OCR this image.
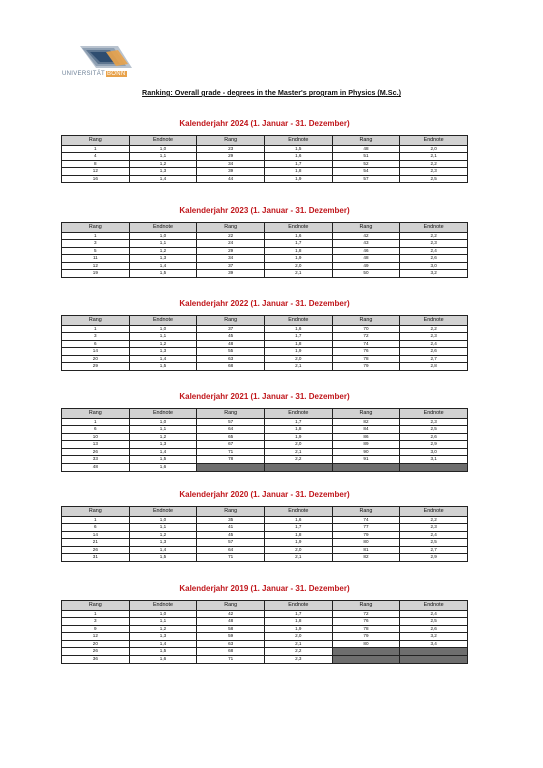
UNIVERSITÄT BONN
Ranking: Overall grade - degrees in the Master's program in Physics (M.Sc.)
Kalenderjahr 2024 (1. Januar - 31. Dezember)
Rang	Endnote	Rang	Endnote	Rang	Endnote
1	1,0	23	1,5	48	2,0
4	1,1	29	1,6	51	2,1
8	1,2	34	1,7	52	2,2
12	1,3	39	1,8	54	2,3
16	1,4	44	1,9	57	2,5
Kalenderjahr 2023 (1. Januar - 31. Dezember)
Rang	Endnote	Rang	Endnote	Rang	Endnote
1	1,0	22	1,6	42	2,2
3	1,1	24	1,7	43	2,3
5	1,2	29	1,8	46	2,4
11	1,3	34	1,9	48	2,6
12	1,4	37	2,0	49	3,0
19	1,5	39	2,1	50	3,2
Kalenderjahr 2022 (1. Januar - 31. Dezember)
Rang	Endnote	Rang	Endnote	Rang	Endnote
1	1,0	37	1,6	70	2,2
3	1,1	45	1,7	72	2,3
6	1,2	48	1,8	74	2,4
14	1,3	55	1,9	76	2,6
20	1,4	63	2,0	78	2,7
29	1,5	68	2,1	79	2,8
Kalenderjahr 2021 (1. Januar - 31. Dezember)
Rang	Endnote	Rang	Endnote	Rang	Endnote
1	1,0	57	1,7	82	2,3
6	1,1	64	1,8	84	2,5
10	1,2	65	1,9	86	2,6
13	1,3	67	2,0	89	2,9
26	1,4	71	2,1	90	3,0
33	1,5	78	2,2	91	3,1
48	1,6				
Kalenderjahr 2020 (1. Januar - 31. Dezember)
Rang	Endnote	Rang	Endnote	Rang	Endnote
1	1,0	35	1,6	74	2,2
6	1,1	41	1,7	77	2,3
14	1,2	45	1,8	79	2,4
21	1,3	57	1,9	80	2,5
26	1,4	64	2,0	81	2,7
31	1,5	71	2,1	82	2,9
Kalenderjahr 2019 (1. Januar - 31. Dezember)
Rang	Endnote	Rang	Endnote	Rang	Endnote
1	1,0	42	1,7	72	2,4
3	1,1	48	1,8	76	2,5
9	1,2	58	1,9	78	2,6
12	1,3	59	2,0	79	3,2
20	1,4	63	2,1	80	3,4
26	1,5	68	2,2		
36	1,6	71	2,3		
